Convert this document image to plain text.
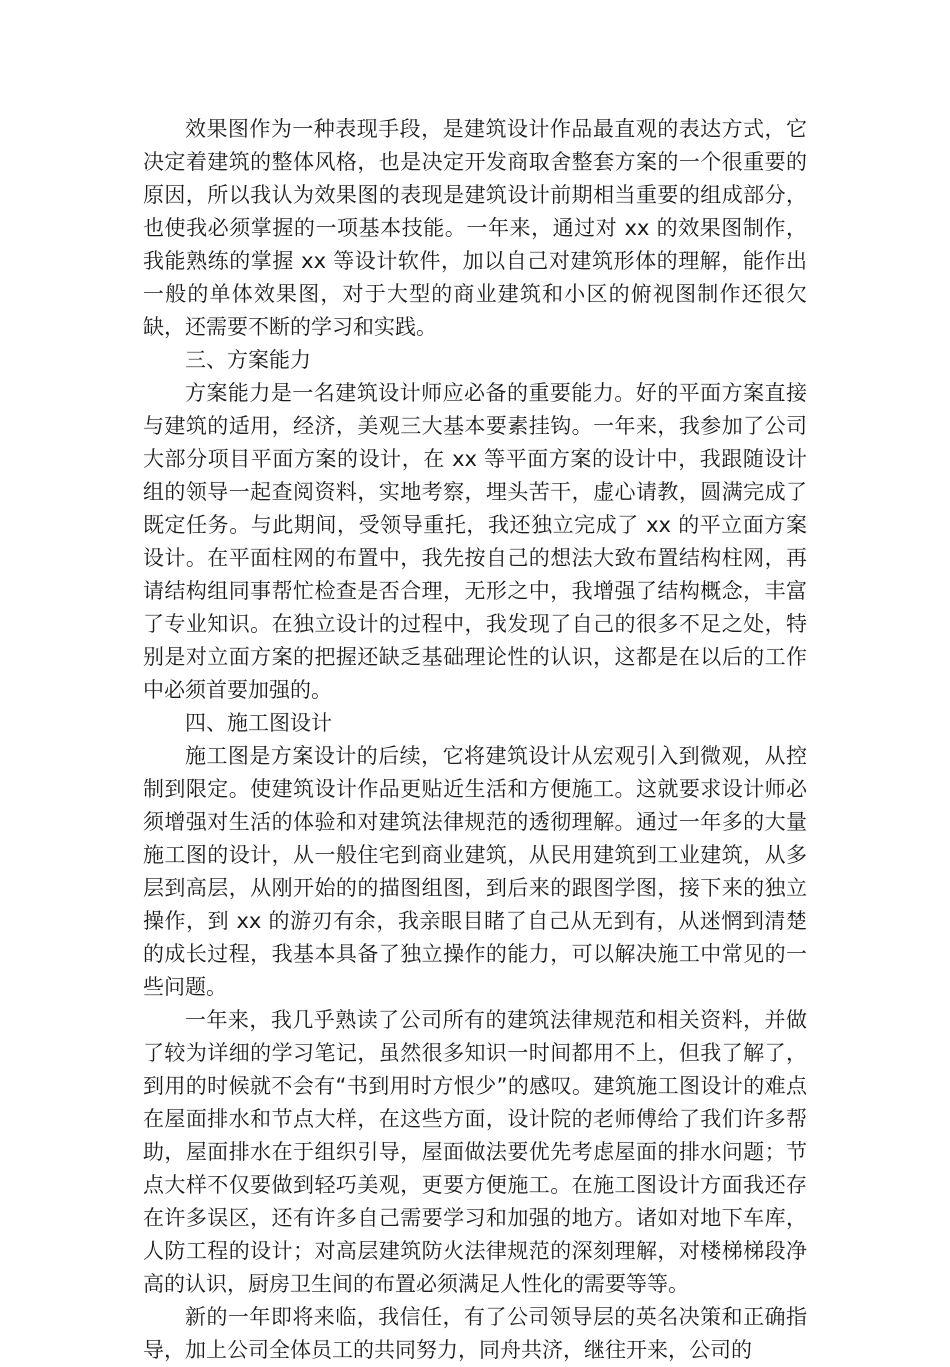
效果图作为一种表现手段，是建筑设计作品最直观的表达方式，它决定着建筑的整体风格，也是决定开发商取舍整套方案的一个很重要的原因，所以我认为效果图的表现是建筑设计前期相当重要的组成部分，也使我必须掌握的一项基本技能。一年来，通过对 xx 的效果图制作，我能熟练的掌握 xx 等设计软件，加以自己对建筑形体的理解，能作出一般的单体效果图，对于大型的商业建筑和小区的俯视图制作还很欠缺，还需要不断的学习和实践。

三、方案能力

方案能力是一名建筑设计师应必备的重要能力。好的平面方案直接与建筑的适用，经济，美观三大基本要素挂钩。一年来，我参加了公司大部分项目平面方案的设计，在 xx 等平面方案的设计中，我跟随设计组的领导一起查阅资料，实地考察，埋头苦干，虚心请教，圆满完成了既定任务。与此期间，受领导重托，我还独立完成了 xx 的平立面方案设计。在平面柱网的布置中，我先按自己的想法大致布置结构柱网，再请结构组同事帮忙检查是否合理，无形之中，我增强了结构概念，丰富了专业知识。在独立设计的过程中，我发现了自己的很多不足之处，特别是对立面方案的把握还缺乏基础理论性的认识，这都是在以后的工作中必须首要加强的。

四、施工图设计

施工图是方案设计的后续，它将建筑设计从宏观引入到微观，从控制到限定。使建筑设计作品更贴近生活和方便施工。这就要求设计师必须增强对生活的体验和对建筑法律规范的透彻理解。通过一年多的大量施工图的设计，从一般住宅到商业建筑，从民用建筑到工业建筑，从多层到高层，从刚开始的的描图组图，到后来的跟图学图，接下来的独立操作，到 xx 的游刃有余，我亲眼目睹了自己从无到有，从迷惘到清楚的成长过程，我基本具备了独立操作的能力，可以解决施工中常见的一些问题。

一年来，我几乎熟读了公司所有的建筑法律规范和相关资料，并做了较为详细的学习笔记，虽然很多知识一时间都用不上，但我了解了，到用的时候就不会有“书到用时方恨少”的感叹。建筑施工图设计的难点在屋面排水和节点大样，在这些方面，设计院的老师傅给了我们许多帮助，屋面排水在于组织引导，屋面做法要优先考虑屋面的排水问题；节点大样不仅要做到轻巧美观，更要方便施工。在施工图设计方面我还存在许多误区，还有许多自己需要学习和加强的地方。诸如对地下车库，人防工程的设计；对高层建筑防火法律规范的深刻理解，对楼梯梯段净高的认识，厨房卫生间的布置必须满足人性化的需要等等。

新的一年即将来临，我信任，有了公司领导层的英名决策和正确指导，加上公司全体员工的共同努力，同舟共济，继往开来，公司的
